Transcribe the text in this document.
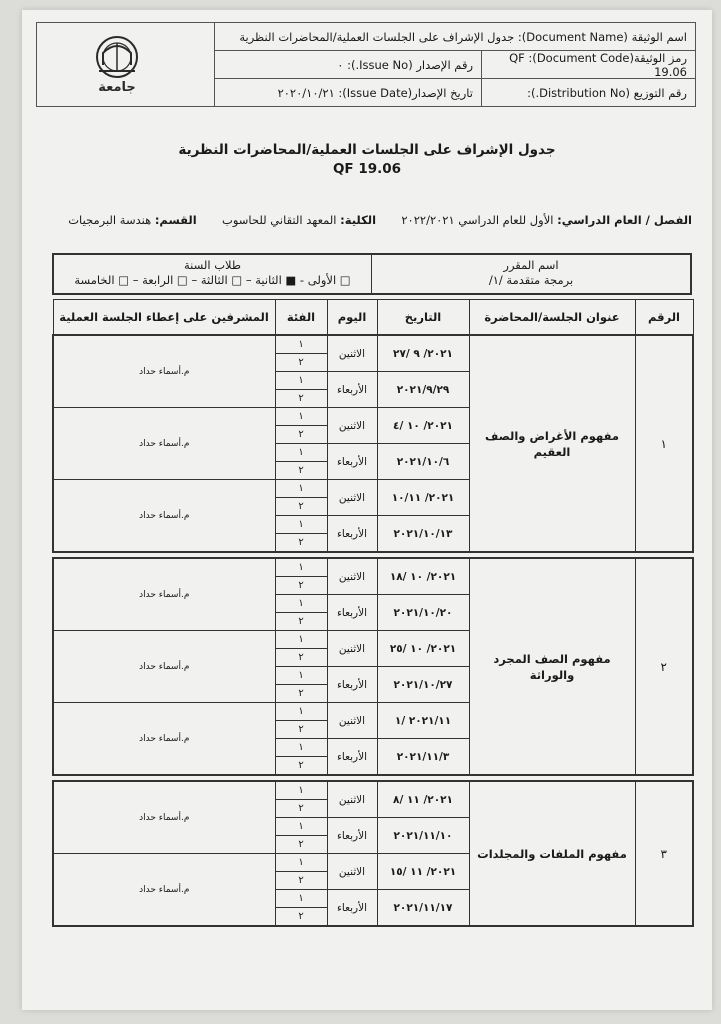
جامعة
اسم الوثيقة (Document Name): جدول الإشراف على الجلسات العملية/المحاضرات النظرية
رمز الوثيقة(Document Code): QF 19.06
رقم الإصدار (Issue No.): ٠
رقم التوزيع (Distribution No.):
تاريخ الإصدار(Issue Date): ٢٠٢٠/١٠/٢١
جدول الإشراف على الجلسات العملية/المحاضرات النظرية
QF 19.06
الفصل / العام الدراسي: الأول للعام الدراسي ٢٠٢٢/٢٠٢١  الكلية: المعهد التقاني للحاسوب  القسم: هندسة البرمجيات
اسم المقرر
برمجة متقدمة /١/
طلاب السنة
□ الأولى - ■ الثانية – □ الثالثة – □ الرابعة – □ الخامسة
الرقم	عنوان الجلسة/المحاضرة	التاريخ	اليوم	الفئة	المشرفين على إعطاء الجلسة العملية
١	مفهوم الأغراض والصف العقيم	٢٠٢١/ ٩ /٢٧	الاثنين	١	م.أسماء حداد
				٢	
		٢٠٢١/٩/٢٩	الأربعاء	١	
				٢	
		٢٠٢١/ ١٠ /٤	الاثنين	١	م.أسماء حداد
				٢	
		٢٠٢١/١٠/٦	الأربعاء	١	
				٢	
		٢٠٢١/ ١٠/١١	الاثنين	١	م.أسماء حداد
				٢	
		٢٠٢١/١٠/١٣	الأربعاء	١	
				٢	

٢	مفهوم الصف المجرد والوراثة	٢٠٢١/ ١٠ /١٨	الاثنين	١	م.أسماء حداد
				٢	
		٢٠٢١/١٠/٢٠	الأربعاء	١	
				٢	
		٢٠٢١/ ١٠ /٢٥	الاثنين	١	م.أسماء حداد
				٢	
		٢٠٢١/١٠/٢٧	الأربعاء	١	
				٢	
		٢٠٢١/١١ /١	الاثنين	١	م.أسماء حداد
				٢	
		٢٠٢١/١١/٣	الأربعاء	١	
				٢	

٣	مفهوم الملفات والمجلدات	٢٠٢١/ ١١ /٨	الاثنين	١	م.أسماء حداد
				٢	
		٢٠٢١/١١/١٠	الأربعاء	١	
				٢	
		٢٠٢١/ ١١ /١٥	الاثنين	١	م.أسماء حداد
				٢	
		٢٠٢١/١١/١٧	الأربعاء	١	
				٢	
